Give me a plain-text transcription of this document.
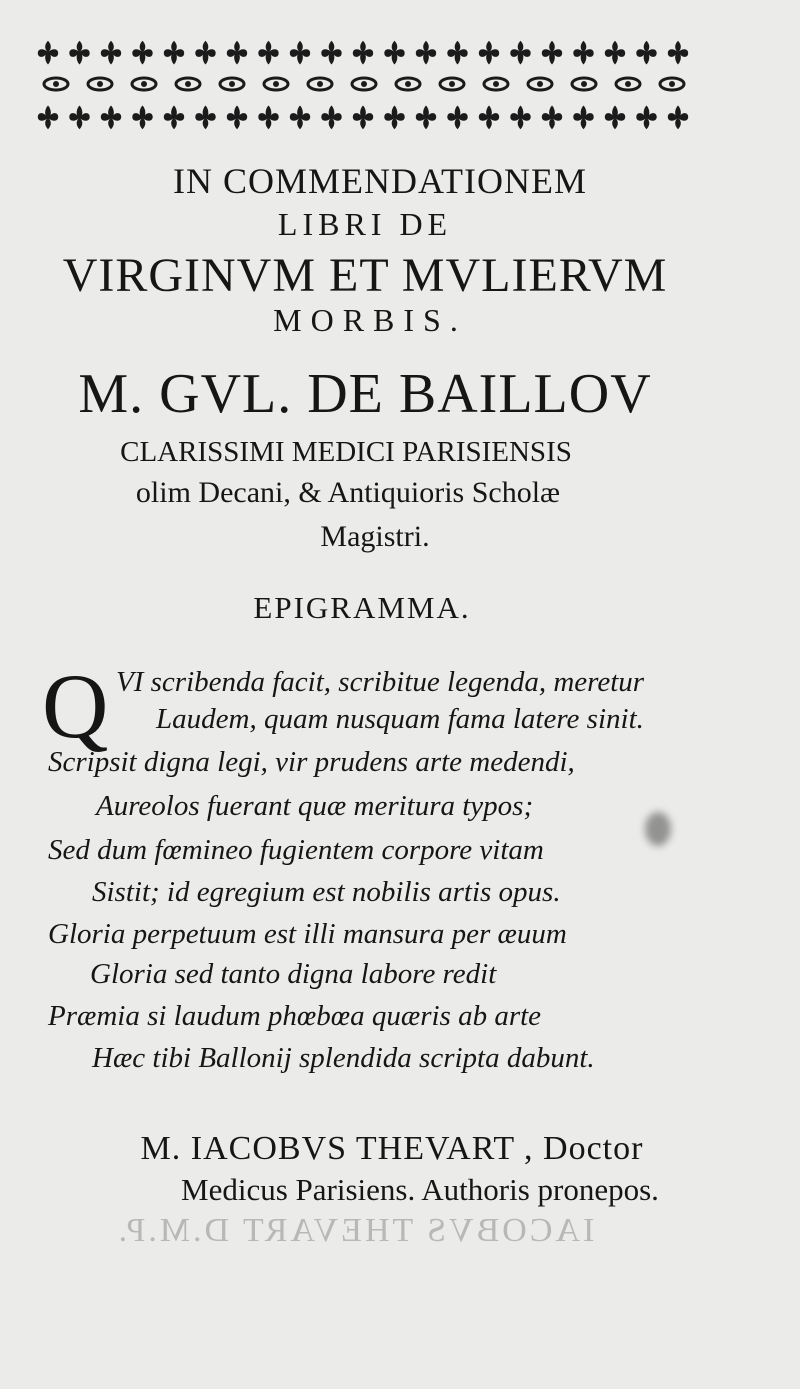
IACOBVS THEVART D.M.P.
IN COMMENDATIONEM
LIBRI DE
VIRGINVM ET MVLIERVM
MORBIS.
M. GVL. DE BAILLOV
CLARISSIMI MEDICI PARISIENSIS
olim Decani, & Antiquioris Scholæ
Magistri.
EPIGRAMMA.
Q VI scribenda facit, scribitue legenda, meretur
Laudem, quam nusquam fama latere sinit.
Scripsit digna legi, vir prudens arte medendi,
Aureolos fuerant quæ meritura typos;
Sed dum fœmineo fugientem corpore vitam
Sistit; id egregium est nobilis artis opus.
Gloria perpetuum est illi mansura per æuum
Gloria sed tanto digna labore redit
Præmia si laudum phœbœa quæris ab arte
Hæc tibi Ballonij splendida scripta dabunt.
M. IACOBVS THEVART , Doctor
Medicus Parisiens. Authoris pronepos.
